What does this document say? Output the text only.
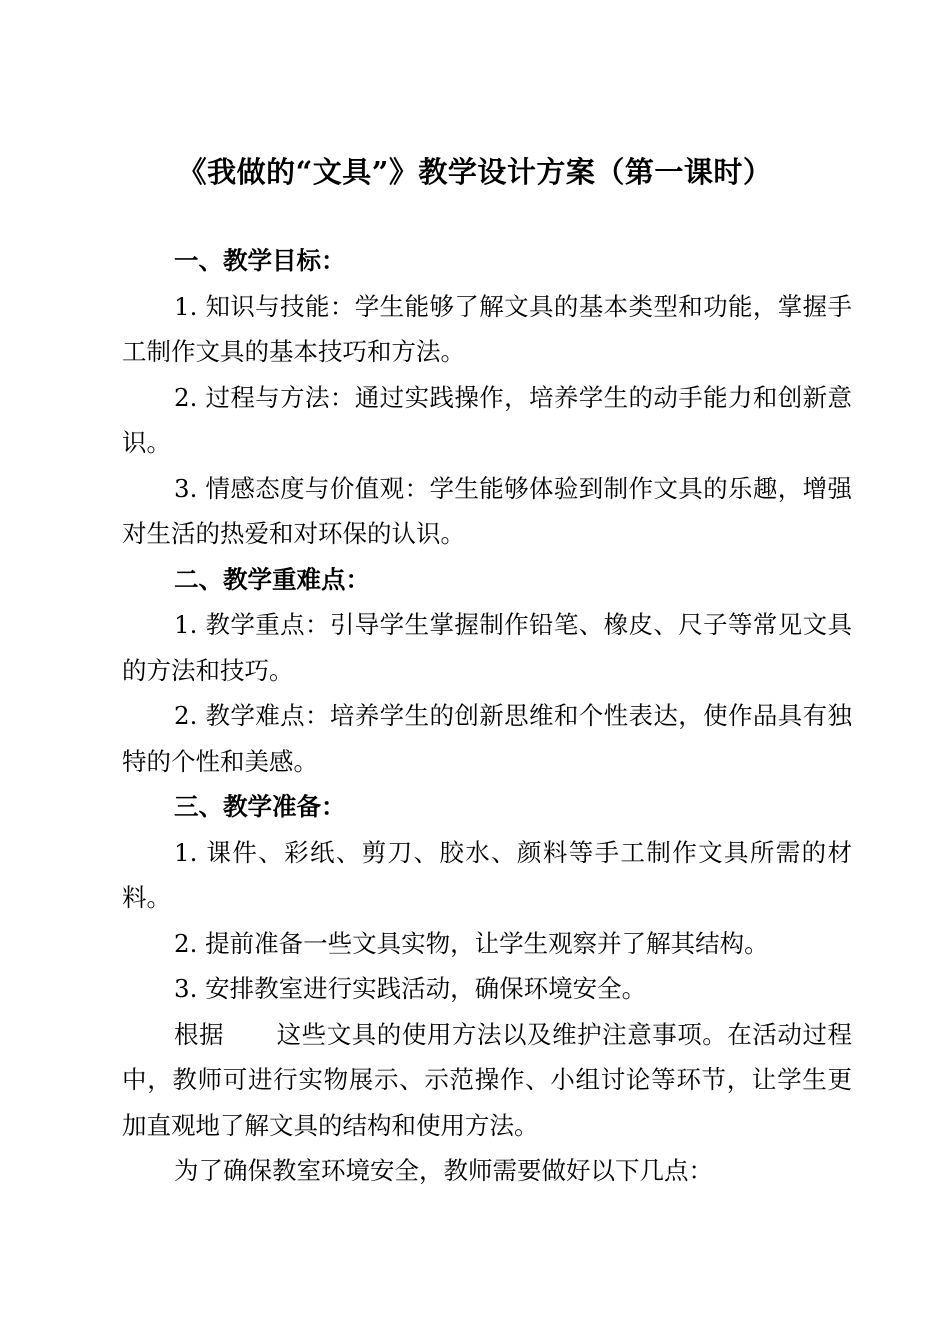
《我做的“文具”》教学设计方案（第一课时）

一、教学目标：

1. 知识与技能：学生能够了解文具的基本类型和功能，掌握手工制作文具的基本技巧和方法。

2. 过程与方法：通过实践操作，培养学生的动手能力和创新意识。

3. 情感态度与价值观：学生能够体验到制作文具的乐趣，增强对生活的热爱和对环保的认识。

二、教学重难点：

1. 教学重点：引导学生掌握制作铅笔、橡皮、尺子等常见文具的方法和技巧。

2. 教学难点：培养学生的创新思维和个性表达，使作品具有独特的个性和美感。

三、教学准备：

1. 课件、彩纸、剪刀、胶水、颜料等手工制作文具所需的材料。

2. 提前准备一些文具实物，让学生观察并了解其结构。

3. 安排教室进行实践活动，确保环境安全。

根据 这些文具的使用方法以及维护注意事项。在活动过程中，教师可进行实物展示、示范操作、小组讨论等环节，让学生更加直观地了解文具的结构和使用方法。

为了确保教室环境安全，教师需要做好以下几点：
